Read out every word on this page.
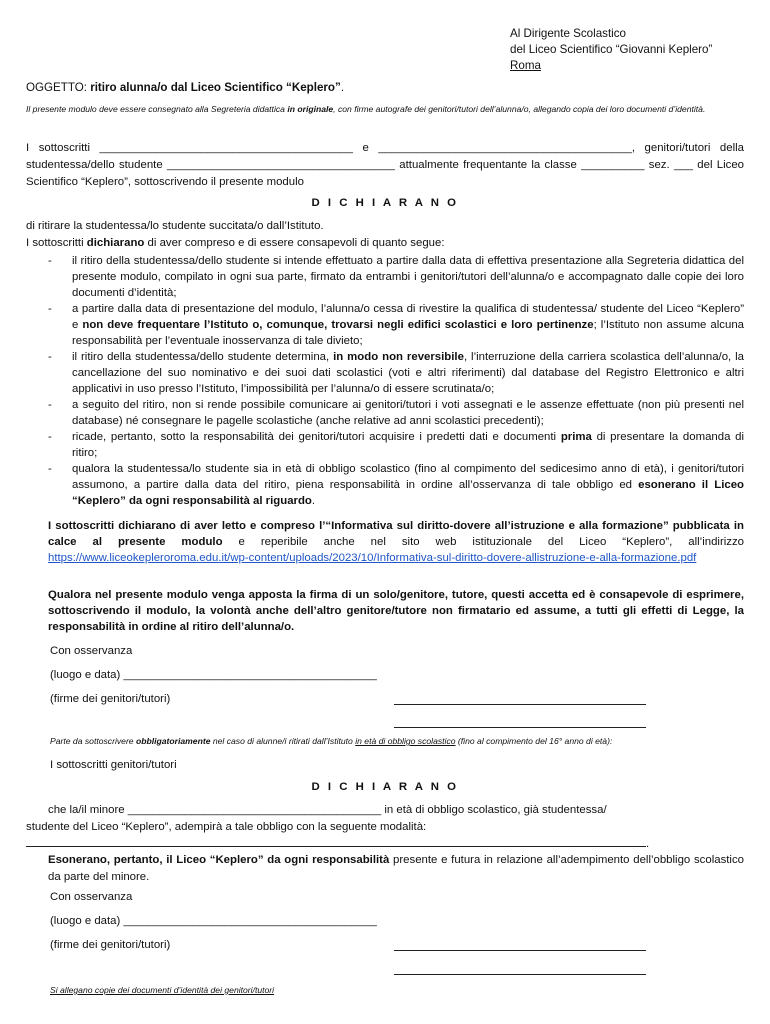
Al Dirigente Scolastico
del Liceo Scientifico “Giovanni Keplero”
Roma
OGGETTO: ritiro alunna/o dal Liceo Scientifico “Keplero”.
Il presente modulo deve essere consegnato alla Segreteria didattica in originale, con firme autografe dei genitori/tutori dell’alunna/o, allegando copia dei loro documenti d’identità.
I sottoscritti ________________________________________ e ________________________________________, genitori/tutori della studentessa/dello studente ____________________________________ attualmente frequentante la classe __________ sez. ___ del Liceo Scientifico “Keplero”, sottoscrivendo il presente modulo
D I C H I A R A N O
di ritirare la studentessa/lo studente succitata/o dall’Istituto.
I sottoscritti dichiarano di aver compreso e di essere consapevoli di quanto segue:
- il ritiro della studentessa/dello studente si intende effettuato a partire dalla data di effettiva presentazione alla Segreteria didattica del presente modulo, compilato in ogni sua parte, firmato da entrambi i genitori/tutori dell’alunna/o e accompagnato dalle copie dei loro documenti d’identità;
- a partire dalla data di presentazione del modulo, l’alunna/o cessa di rivestire la qualifica di studentessa/ studente del Liceo “Keplero” e non deve frequentare l’Istituto o, comunque, trovarsi negli edifici scolastici e loro pertinenze; l’Istituto non assume alcuna responsabilità per l’eventuale inosservanza di tale divieto;
- il ritiro della studentessa/dello studente determina, in modo non reversibile, l’interruzione della carriera scolastica dell’alunna/o, la cancellazione del suo nominativo e dei suoi dati scolastici (voti e altri riferimenti) dal database del Registro Elettronico e altri applicativi in uso presso l’Istituto, l’impossibilità per l’alunna/o di essere scrutinata/o;
- a seguito del ritiro, non si rende possibile comunicare ai genitori/tutori i voti assegnati e le assenze effettuate (non più presenti nel database) né consegnare le pagelle scolastiche (anche relative ad anni scolastici precedenti);
- ricade, pertanto, sotto la responsabilità dei genitori/tutori acquisire i predetti dati e documenti prima di presentare la domanda di ritiro;
- qualora la studentessa/lo studente sia in età di obbligo scolastico (fino al compimento del sedicesimo anno di età), i genitori/tutori assumono, a partire dalla data del ritiro, piena responsabilità in ordine all’osservanza di tale obbligo ed esonerano il Liceo “Keplero” da ogni responsabilità al riguardo.
I sottoscritti dichiarano di aver letto e compreso l’“Informativa sul diritto-dovere all’istruzione e alla formazione” pubblicata in calce al presente modulo e reperibile anche nel sito web istituzionale del Liceo “Keplero”, all’indirizzo https://www.liceokepleroroma.edu.it/wp-content/uploads/2023/10/Informativa-sul-diritto-dovere-allistruzione-e-alla-formazione.pdf
Qualora nel presente modulo venga apposta la firma di un solo/genitore, tutore, questi accetta ed è consapevole di esprimere, sottoscrivendo il modulo, la volontà anche dell’altro genitore/tutore non firmatario ed assume, a tutti gli effetti di Legge, la responsabilità in ordine al ritiro dell’alunna/o.
Con osservanza
(luogo e data) ________________________________________
(firme dei genitori/tutori)
Parte da sottoscrivere obbligatoriamente nel caso di alunne/i ritirati dall’Istituto in età di obbligo scolastico (fino al compimento del 16° anno di età):
I sottoscritti genitori/tutori
D I C H I A R A N O
che la/il minore ________________________________________ in età di obbligo scolastico, già studentessa/
studente del Liceo “Keplero”, adempirà a tale obbligo con la seguente modalità:
.
Esonerano, pertanto, il Liceo “Keplero” da ogni responsabilità presente e futura in relazione all’adempimento dell’obbligo scolastico da parte del minore.
Con osservanza
(luogo e data) ________________________________________
(firme dei genitori/tutori)
Si allegano copie dei documenti d’identità dei genitori/tutori
